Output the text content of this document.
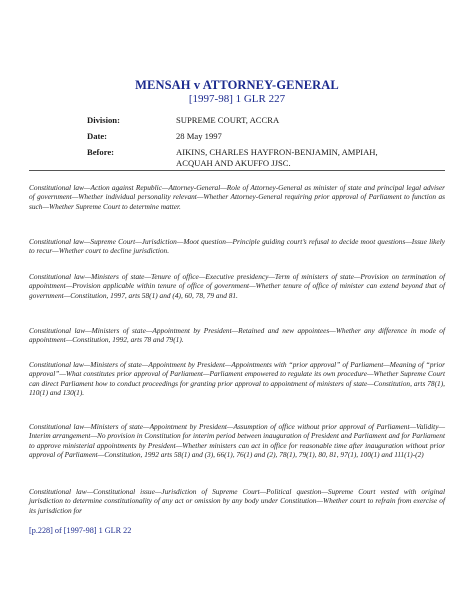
MENSAH v ATTORNEY-GENERAL
[1997-98] 1 GLR 227
Division:	SUPREME COURT, ACCRA
Date:	28 May 1997
Before:	AIKINS, CHARLES HAYFRON-BENJAMIN, AMPIAH, ACQUAH AND AKUFFO JJSC.
Constitutional law—Action against Republic—Attorney-General—Role of Attorney-General as minister of state and principal legal adviser of government—Whether individual personality relevant—Whether Attorney-General requiring prior approval of Parliament to function as such—Whether Supreme Court to determine matter.
Constitutional law—Supreme Court—Jurisdiction—Moot question—Principle guiding court’s refusal to decide moot questions—Issue likely to recur—Whether court to decline jurisdiction.
Constitutional law—Ministers of state—Tenure of office—Executive presidency—Term of ministers of state—Provision on termination of appointment—Provision applicable within tenure of office of government—Whether tenure of office of minister can extend beyond that of government—Constitution, 1997, arts 58(1) and (4), 60, 78, 79 and 81.
Constitutional law—Ministers of state—Appointment by President—Retained and new appointees—Whether any difference in mode of appointment—Constitution, 1992, arts 78 and 79(1).
Constitutional law—Ministers of state—Appointment by President—Appointments with “prior approval” of Parliament—Meaning of “prior approval”—What constitutes prior approval of Parliament—Parliament empowered to regulate its own procedure—Whether Supreme Court can direct Parliament how to conduct proceedings for granting prior approval to appointment of ministers of state—Constitution, arts 78(1), 110(1) and 130(1).
Constitutional law—Ministers of state—Appointment by President—Assumption of office without prior approval of Parliament—Validity—Interim arrangement—No provision in Constitution for interim period between inauguration of President and Parliament and for Parliament to approve ministerial appointments by President—Whether ministers can act in office for reasonable time after inauguration without prior approval of Parliament—Constitution, 1992 arts 58(1) and (3), 66(1), 76(1) and (2), 78(1), 79(1), 80, 81, 97(1), 100(1) and 111(1)-(2)
Constitutional law—Constitutional issue—Jurisdiction of Supreme Court—Political question—Supreme Court vested with original jurisdiction to determine constitutionality of any act or omission by any body under Constitution—Whether court to refrain from exercise of its jurisdiction for
[p.228] of [1997-98] 1 GLR 22
